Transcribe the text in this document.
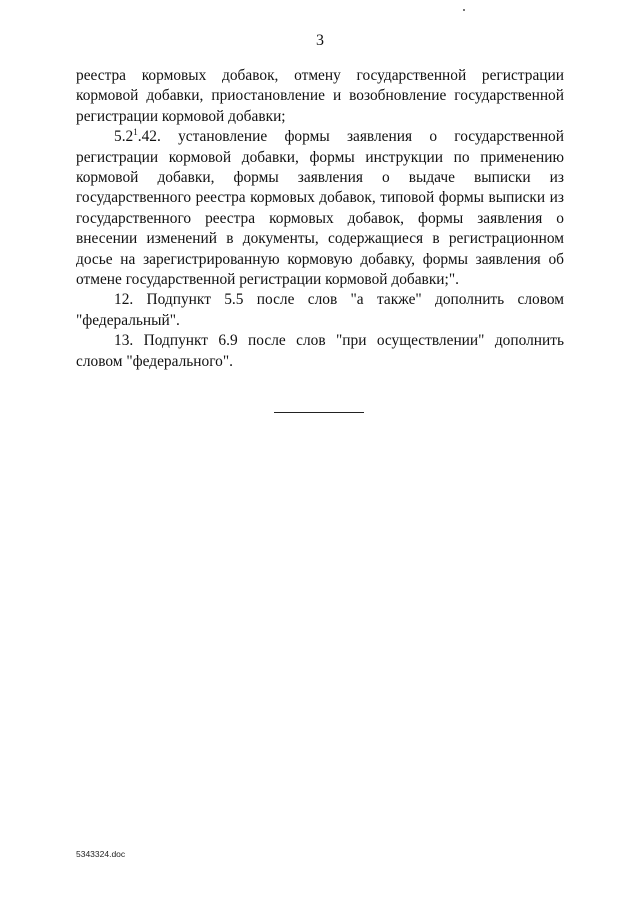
3

реестра кормовых добавок, отмену государственной регистрации кормовой добавки, приостановление и возобновление государственной регистрации кормовой добавки;

$5.2^1.42$. установление формы заявления о государственной регистрации кормовой добавки, формы инструкции по применению кормовой добавки, формы заявления о выдаче выписки из государственного реестра кормовых добавок, типовой формы выписки из государственного реестра кормовых добавок, формы заявления о внесении изменений в документы, содержащиеся в регистрационном досье на зарегистрированную кормовую добавку, формы заявления об отмене государственной регистрации кормовой добавки;".

12. Подпункт 5.5 после слов "а также" дополнить словом "федеральный".

13. Подпункт 6.9 после слов "при осуществлении" дополнить словом "федерального".

5343324.doc
